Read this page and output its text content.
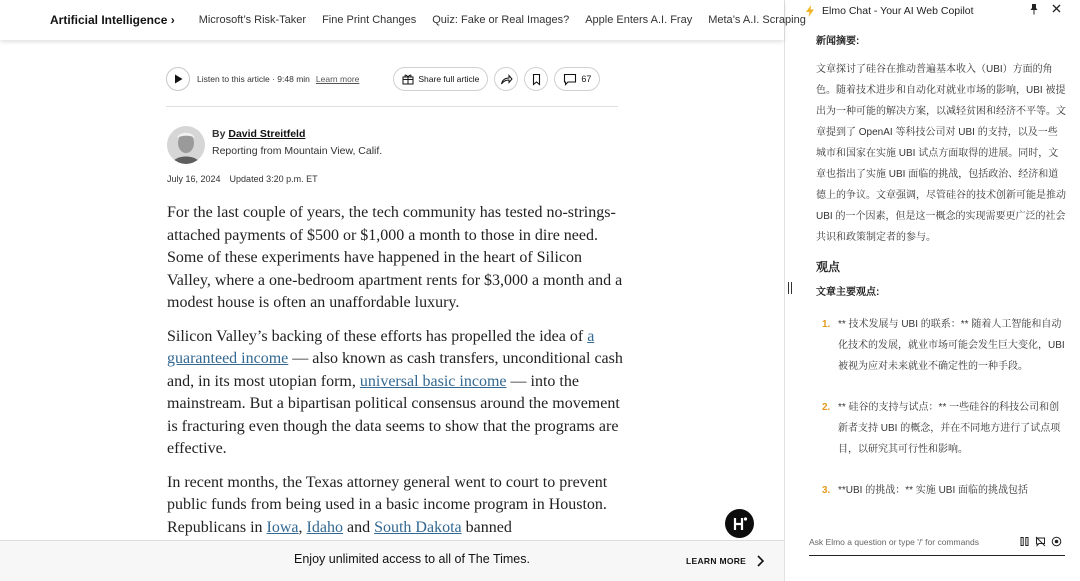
Artificial Intelligence › Microsoft’s Risk-Taker Fine Print Changes Quiz: Fake or Real Images? Apple Enters A.I. Fray Meta’s A.I. Scraping
Listen to this article · 9:48 min Learn more	Share full article	67
By David Streitfeld
Reporting from Mountain View, Calif.
July 16, 2024 Updated 3:20 p.m. ET

For the last couple of years, the tech community has tested no-strings-attached payments of $500 or $1,000 a month to those in dire need. Some of these experiments have happened in the heart of Silicon Valley, where a one-bedroom apartment rents for $3,000 a month and a modest house is often an unaffordable luxury.

Silicon Valley’s backing of these efforts has propelled the idea of a guaranteed income — also known as cash transfers, unconditional cash and, in its most utopian form, universal basic income — into the mainstream. But a bipartisan political consensus around the movement is fracturing even though the data seems to show that the programs are effective.

In recent months, the Texas attorney general went to court to prevent public funds from being used in a basic income program in Houston. Republicans in Iowa, Idaho and South Dakota banned

Enjoy unlimited access to all of The Times.	LEARN MORE
Elmo Chat - Your AI Web Copilot
新闻摘要:
文章探讨了硅谷在推动普遍基本收入（UBI）方面的角色。随着技术进步和自动化对就业市场的影响，UBI 被提出为一种可能的解决方案，以减轻贫困和经济不平等。文章提到了 OpenAI 等科技公司对 UBI 的支持，以及一些城市和国家在实施 UBI 试点方面取得的进展。同时，文章也指出了实施 UBI 面临的挑战，包括政治、经济和道德上的争议。文章强调，尽管硅谷的技术创新可能是推动 UBI 的一个因素，但是这一概念的实现需要更广泛的社会共识和政策制定者的参与。
观点
文章主要观点:
1. ** 技术发展与 UBI 的联系：** 随着人工智能和自动化技术的发展，就业市场可能会发生巨大变化，UBI 被视为应对未来就业不确定性的一种手段。
2. ** 硅谷的支持与试点：** 一些硅谷的科技公司和创新者支持 UBI 的概念，并在不同地方进行了试点项目，以研究其可行性和影响。
3. **UBI 的挑战：** 实施 UBI 面临的挑战包括
Ask Elmo a question or type '/' for commands
